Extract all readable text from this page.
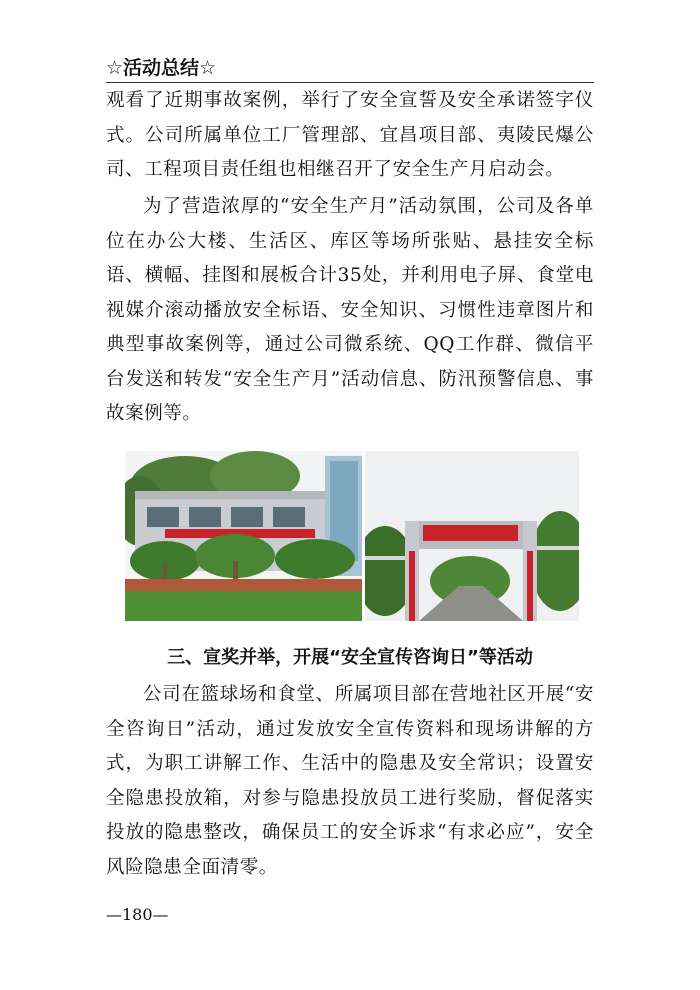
☆活动总结☆

观看了近期事故案例，举行了安全宣誓及安全承诺签字仪式。公司所属单位工厂管理部、宜昌项目部、夷陵民爆公司、工程项目责任组也相继召开了安全生产月启动会。

为了营造浓厚的“安全生产月”活动氛围，公司及各单位在办公大楼、生活区、库区等场所张贴、悬挂安全标语、横幅、挂图和展板合计35处，并利用电子屏、食堂电视媒介滚动播放安全标语、安全知识、习惯性违章图片和典型事故案例等，通过公司微系统、QQ工作群、微信平台发送和转发“安全生产月”活动信息、防汛预警信息、事故案例等。

三、宣奖并举，开展“安全宣传咨询日”等活动

公司在篮球场和食堂、所属项目部在营地社区开展“安全咨询日”活动，通过发放安全宣传资料和现场讲解的方式，为职工讲解工作、生活中的隐患及安全常识；设置安全隐患投放箱，对参与隐患投放员工进行奖励，督促落实投放的隐患整改，确保员工的安全诉求“有求必应”，安全风险隐患全面清零。

—180—
